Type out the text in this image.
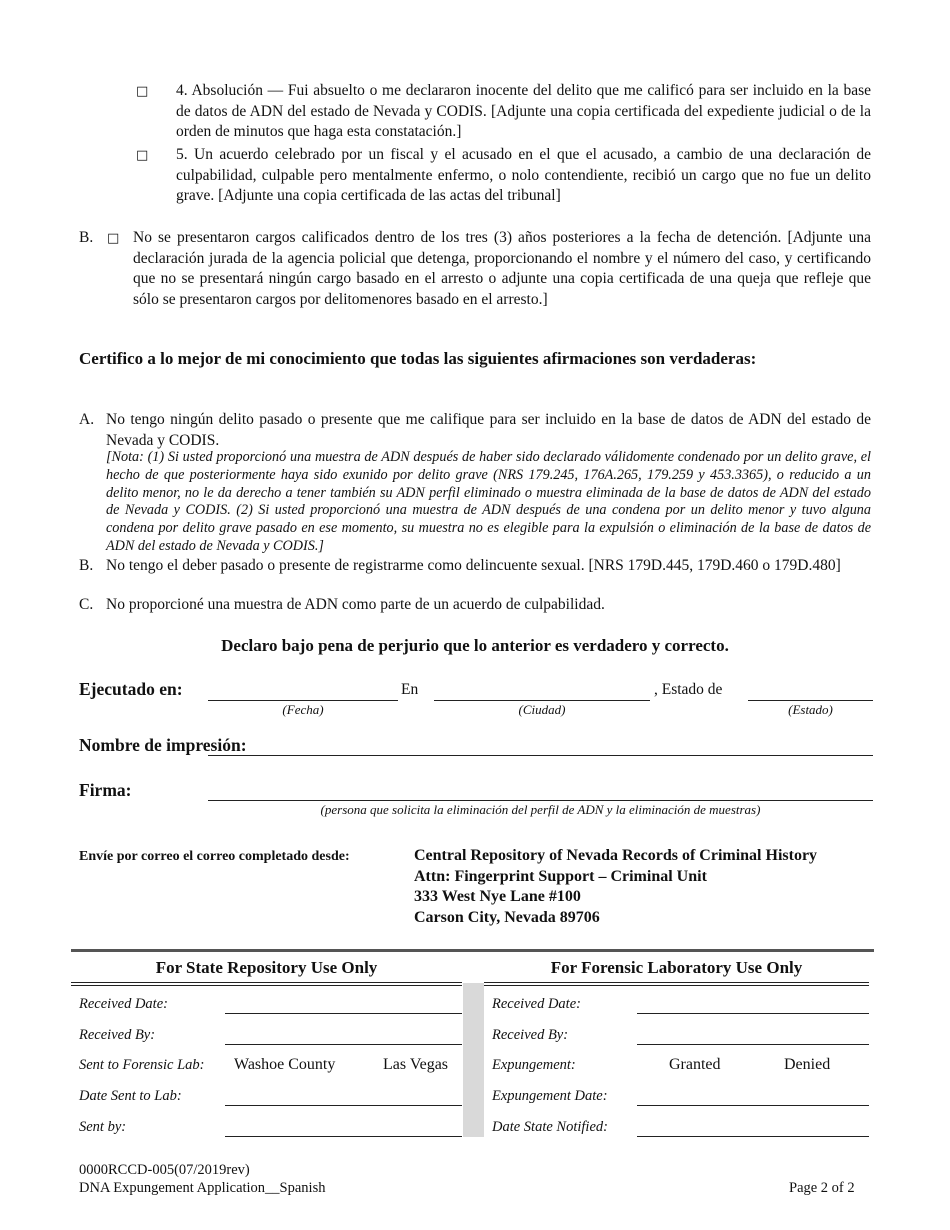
□ 4. Absolución — Fui absuelto o me declararon inocente del delito que me calificó para ser incluido en la base de datos de ADN del estado de Nevada y CODIS. [Adjunte una copia certificada del expediente judicial o de la orden de minutos que haga esta constatación.]
□ 5. Un acuerdo celebrado por un fiscal y el acusado en el que el acusado, a cambio de una declaración de culpabilidad, culpable pero mentalmente enfermo, o nolo contendiente, recibió un cargo que no fue un delito grave. [Adjunte una copia certificada de las actas del tribunal]
B. □ No se presentaron cargos calificados dentro de los tres (3) años posteriores a la fecha de detención. [Adjunte una declaración jurada de la agencia policial que detenga, proporcionando el nombre y el número del caso, y certificando que no se presentará ningún cargo basado en el arresto o adjunte una copia certificada de una queja que refleje que sólo se presentaron cargos por delitomenores basado en el arresto.]
Certifico a lo mejor de mi conocimiento que todas las siguientes afirmaciones son verdaderas:
A. No tengo ningún delito pasado o presente que me califique para ser incluido en la base de datos de ADN del estado de Nevada y CODIS.
[Nota: (1) Si usted proporcionó una muestra de ADN después de haber sido declarado válidomente condenado por un delito grave, el hecho de que posteriormente haya sido exunido por delito grave (NRS 179.245, 176A.265, 179.259 y 453.3365), o reducido a un delito menor, no le da derecho a tener también su ADN perfil eliminado o muestra eliminada de la base de datos de ADN del estado de Nevada y CODIS. (2) Si usted proporcionó una muestra de ADN después de una condena por un delito menor y tuvo alguna condena por delito grave pasado en ese momento, su muestra no es elegible para la expulsión o eliminación de la base de datos de ADN del estado de Nevada y CODIS.]
B. No tengo el deber pasado o presente de registrarme como delincuente sexual. [NRS 179D.445, 179D.460 o 179D.480]
C. No proporcioné una muestra de ADN como parte de un acuerdo de culpabilidad.
Declaro bajo pena de perjurio que lo anterior es verdadero y correcto.
Ejecutado en:	En	, Estado de
(Fecha)	(Ciudad)	(Estado)
Nombre de impresión:
Firma:
(persona que solicita la eliminación del perfil de ADN y la eliminación de muestras)
Envíe por correo el correo completado desde:	Central Repository of Nevada Records of Criminal History
Attn: Fingerprint Support – Criminal Unit
333 West Nye Lane #100
Carson City, Nevada 89706
For State Repository Use Only
Received Date:
Received By:
Sent to Forensic Lab: Washoe County	Las Vegas
Date Sent to Lab:
Sent by:
For Forensic Laboratory Use Only
Received Date:
Received By:
Expungement:	Granted	Denied
Expungement Date:
Date State Notified:
0000RCCD-005(07/2019rev)
DNA Expungement Application__Spanish	Page 2 of 2
